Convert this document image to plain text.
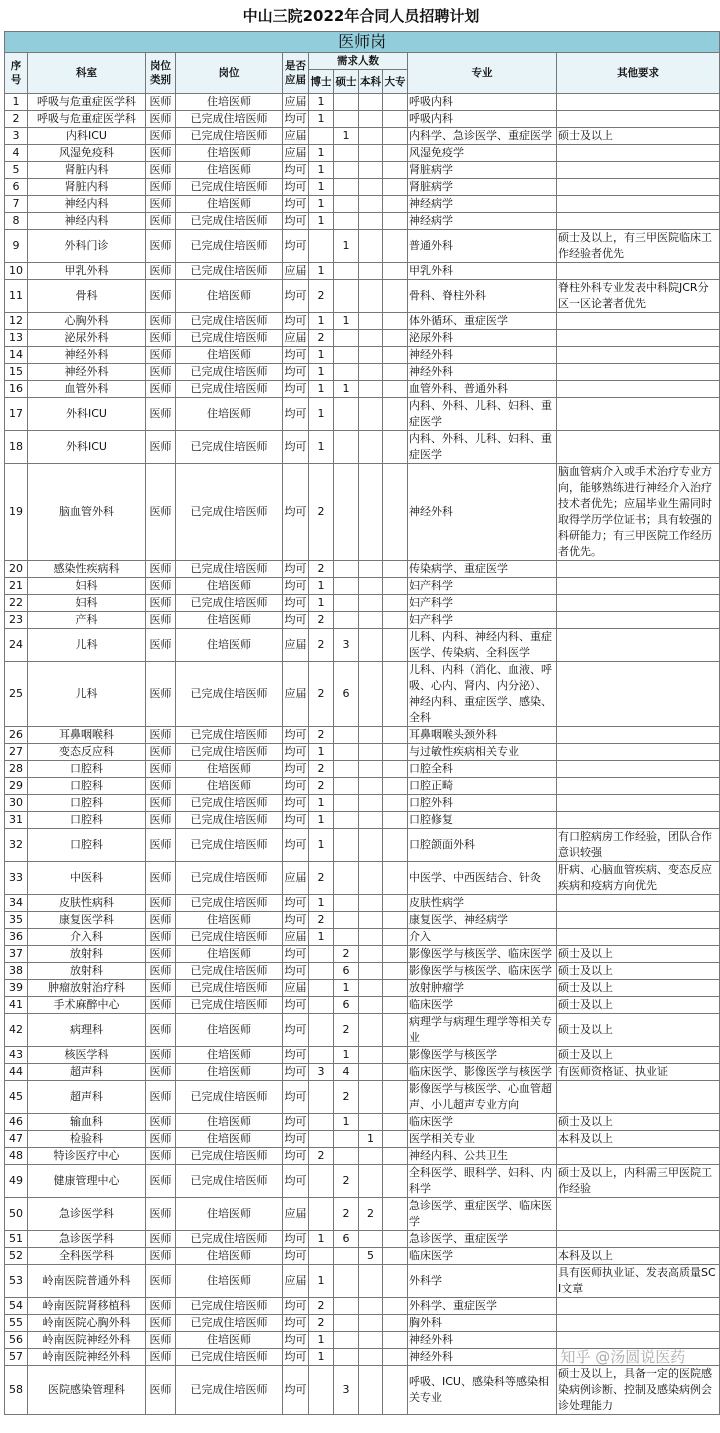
中山三院2022年合同人员招聘计划
医师岗										
序号	科室	岗位类别	岗位	是否应届	需求人数				专业	其他要求
					博士	硕士	本科	大专		
1	呼吸与危重症医学科	医师	住培医师	应届	1				呼吸内科	
2	呼吸与危重症医学科	医师	已完成住培医师	均可	1				呼吸内科	
3	内科ICU	医师	已完成住培医师	应届		1			内科学、急诊医学、重症医学	硕士及以上
4	风湿免疫科	医师	住培医师	应届	1				风湿免疫学	
5	肾脏内科	医师	住培医师	均可	1				肾脏病学	
6	肾脏内科	医师	已完成住培医师	均可	1				肾脏病学	
7	神经内科	医师	住培医师	均可	1				神经病学	
8	神经内科	医师	已完成住培医师	均可	1				神经病学	
9	外科门诊	医师	已完成住培医师	均可		1			普通外科	硕士及以上，有三甲医院临床工作经验者优先
10	甲乳外科	医师	已完成住培医师	应届	1				甲乳外科	
11	骨科	医师	住培医师	均可	2				骨科、脊柱外科	脊柱外科专业发表中科院JCR分区一区论著者优先
12	心胸外科	医师	已完成住培医师	均可	1	1			体外循环、重症医学	
13	泌尿外科	医师	已完成住培医师	应届	2				泌尿外科	
14	神经外科	医师	住培医师	均可	1				神经外科	
15	神经外科	医师	已完成住培医师	均可	1				神经外科	
16	血管外科	医师	已完成住培医师	均可	1	1			血管外科、普通外科	
17	外科ICU	医师	住培医师	均可	1				内科、外科、儿科、妇科、重症医学	
18	外科ICU	医师	已完成住培医师	均可	1				内科、外科、儿科、妇科、重症医学	
19	脑血管外科	医师	已完成住培医师	均可	2				神经外科	脑血管病介入或手术治疗专业方向，能够熟练进行神经介入治疗技术者优先；应届毕业生需同时取得学历学位证书；具有较强的科研能力；有三甲医院工作经历者优先。
20	感染性疾病科	医师	已完成住培医师	均可	2				传染病学、重症医学	
21	妇科	医师	住培医师	均可	1				妇产科学	
22	妇科	医师	已完成住培医师	均可	1				妇产科学	
23	产科	医师	住培医师	均可	2				妇产科学	
24	儿科	医师	住培医师	应届	2	3			儿科、内科、神经内科、重症医学、传染病、全科医学	
25	儿科	医师	已完成住培医师	应届	2	6			儿科、内科（消化、血液、呼吸、心内、肾内、内分泌）、神经内科、重症医学、感染、全科	
26	耳鼻咽喉科	医师	已完成住培医师	均可	2				耳鼻咽喉头颈外科	
27	变态反应科	医师	已完成住培医师	均可	1				与过敏性疾病相关专业	
28	口腔科	医师	住培医师	均可	2				口腔全科	
29	口腔科	医师	住培医师	均可	2				口腔正畸	
30	口腔科	医师	已完成住培医师	均可	1				口腔外科	
31	口腔科	医师	已完成住培医师	均可	1				口腔修复	
32	口腔科	医师	已完成住培医师	均可	1				口腔颌面外科	有口腔病房工作经验，团队合作意识较强
33	中医科	医师	已完成住培医师	应届	2				中医学、中西医结合、针灸	肝病、心脑血管疾病、变态反应疾病和疫病方向优先
34	皮肤性病科	医师	已完成住培医师	均可	1				皮肤性病学	
35	康复医学科	医师	住培医师	均可	2				康复医学、神经病学	
36	介入科	医师	已完成住培医师	应届	1				介入	
37	放射科	医师	住培医师	均可		2			影像医学与核医学、临床医学	硕士及以上
38	放射科	医师	已完成住培医师	均可		6			影像医学与核医学、临床医学	硕士及以上
39	肿瘤放射治疗科	医师	已完成住培医师	应届		1			放射肿瘤学	硕士及以上
41	手术麻醉中心	医师	已完成住培医师	均可		6			临床医学	硕士及以上
42	病理科	医师	住培医师	均可		2			病理学与病理生理学等相关专业	硕士及以上
43	核医学科	医师	住培医师	均可		1			影像医学与核医学	硕士及以上
44	超声科	医师	住培医师	均可	3	4			临床医学、影像医学与核医学	有医师资格证、执业证
45	超声科	医师	已完成住培医师	均可		2			影像医学与核医学、心血管超声、小儿超声专业方向	
46	输血科	医师	住培医师	均可		1			临床医学	硕士及以上
47	检验科	医师	住培医师	均可			1		医学相关专业	本科及以上
48	特诊医疗中心	医师	已完成住培医师	均可	2				神经内科、公共卫生	
49	健康管理中心	医师	已完成住培医师	均可		2			全科医学、眼科学、妇科、内科学	硕士及以上，内科需三甲医院工作经验
50	急诊医学科	医师	住培医师	应届		2	2		急诊医学、重症医学、临床医学	
51	急诊医学科	医师	已完成住培医师	均可	1	6			急诊医学、重症医学	
52	全科医学科	医师	住培医师	均可			5		临床医学	本科及以上
53	岭南医院普通外科	医师	住培医师	应届	1				外科学	具有医师执业证、发表高质量SCI文章
54	岭南医院肾移植科	医师	已完成住培医师	均可	2				外科学、重症医学	
55	岭南医院心胸外科	医师	已完成住培医师	均可	2				胸外科	
56	岭南医院神经外科	医师	住培医师	均可	1				神经外科	
57	岭南医院神经外科	医师	已完成住培医师	均可	1				神经外科	
58	医院感染管理科	医师	已完成住培医师	均可		3			呼吸、ICU、感染科等感染相关专业	硕士及以上，具备一定的医院感染病例诊断、控制及感染病例会诊处理能力
知乎 @汤圆说医药
